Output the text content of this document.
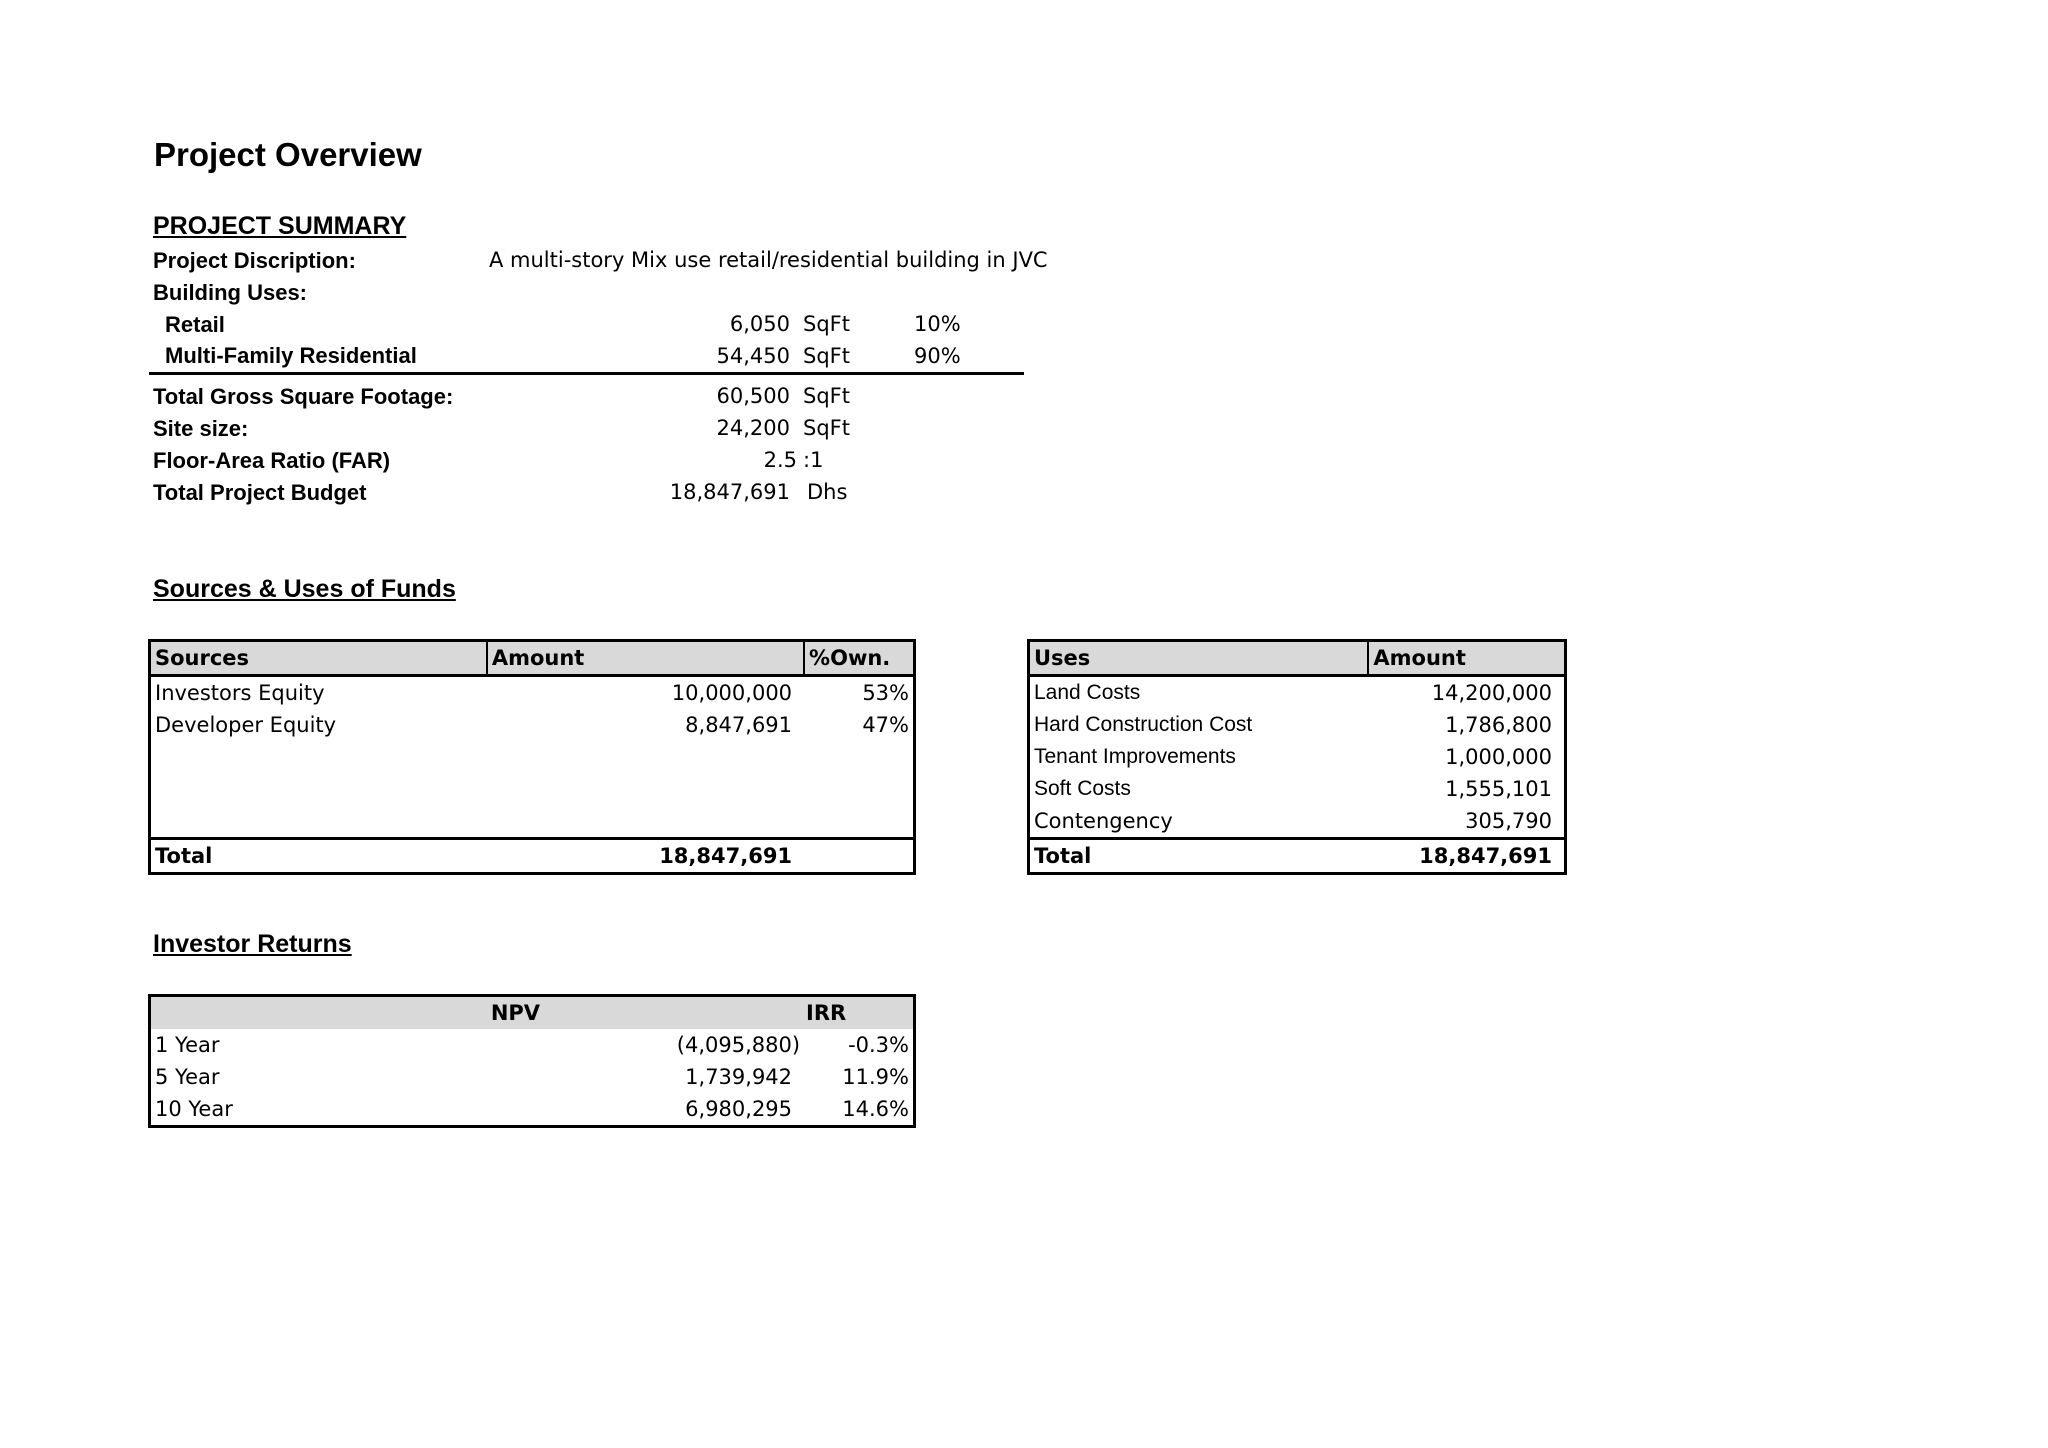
Project Overview
PROJECT SUMMARY
Project Discription:	A multi-story Mix use retail/residential building in JVC
Building Uses:
Retail	6,050 SqFt	10%
Multi-Family Residential	54,450 SqFt	90%
Total Gross Square Footage:	60,500 SqFt
Site size:	24,200 SqFt
Floor-Area Ratio (FAR)	2.5 :1
Total Project Budget	18,847,691 Dhs
Sources & Uses of Funds
Sources	Amount	%Own.
Investors Equity	10,000,000	53%
Developer Equity	8,847,691	47%

Total	18,847,691	
Uses	Amount
Land Costs	14,200,000
Hard Construction Cost	1,786,800
Tenant Improvements	1,000,000
Soft Costs	1,555,101
Contengency	305,790
Total	18,847,691
Investor Returns
	NPV	IRR
1 Year	(4,095,880)	-0.3%
5 Year	1,739,942	11.9%
10 Year	6,980,295	14.6%
